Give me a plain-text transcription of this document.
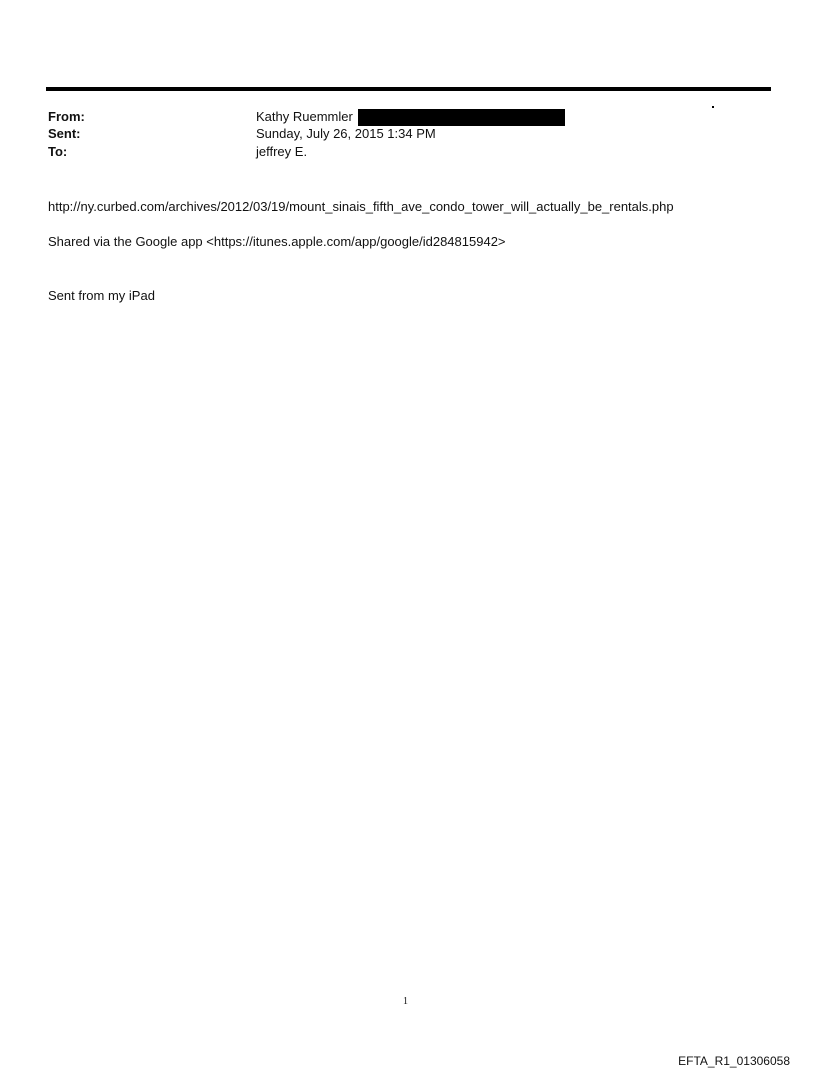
From:	Kathy Ruemmler
Sent:	Sunday, July 26, 2015 1:34 PM
To:	jeffrey E.
http://ny.curbed.com/archives/2012/03/19/mount_sinais_fifth_ave_condo_tower_will_actually_be_rentals.php
Shared via the Google app <https://itunes.apple.com/app/google/id284815942>
Sent from my iPad
1
EFTA_R1_01306058
